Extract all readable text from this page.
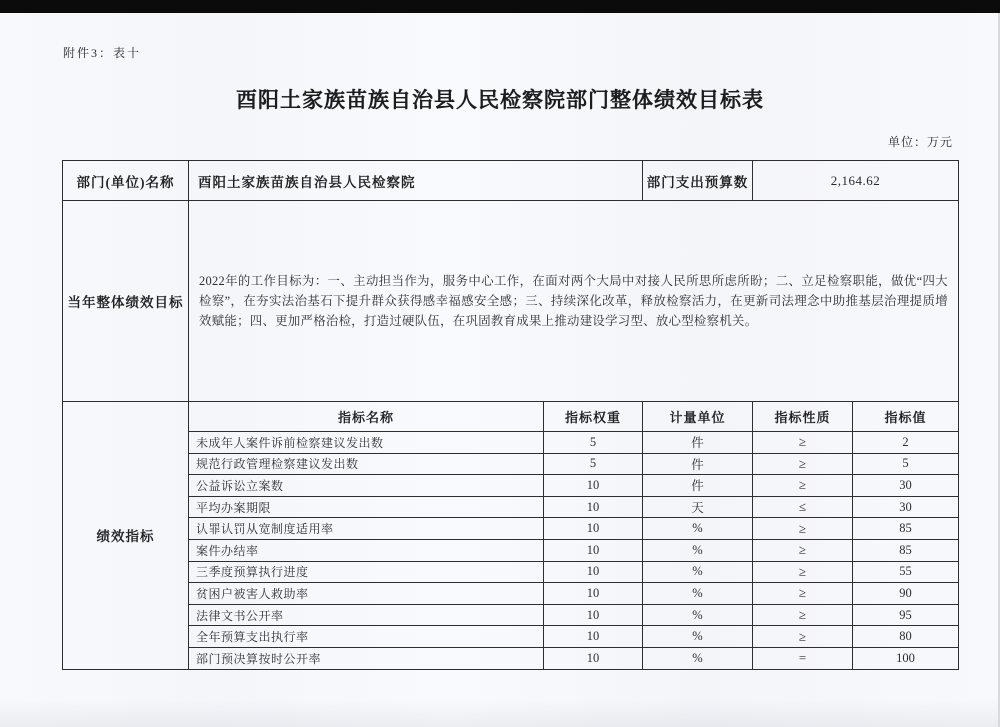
附件3：表十
酉阳土家族苗族自治县人民检察院部门整体绩效目标表
单位：万元
部门(单位)名称	酉阳土家族苗族自治县人民检察院		部门支出预算数	2,164.62	
当年整体绩效目标	2022年的工作目标为：一、主动担当作为，服务中心工作，在面对两个大局中对接人民所思所虑所盼；二、立足检察职能，做优“四大检察”，在夯实法治基石下提升群众获得感幸福感安全感；三、持续深化改革，释放检察活力，在更新司法理念中助推基层治理提质增效赋能；四、更加严格治检，打造过硬队伍，在巩固教育成果上推动建设学习型、放心型检察机关。				
绩效指标	指标名称	指标权重	计量单位	指标性质	指标值
	未成年人案件诉前检察建议发出数	5	件	≥	2
	规范行政管理检察建议发出数	5	件	≥	5
	公益诉讼立案数	10	件	≥	30
	平均办案期限	10	天	≤	30
	认罪认罚从宽制度适用率	10	%	≥	85
	案件办结率	10	%	≥	85
	三季度预算执行进度	10	%	≥	55
	贫困户被害人救助率	10	%	≥	90
	法律文书公开率	10	%	≥	95
	全年预算支出执行率	10	%	≥	80
	部门预决算按时公开率	10	%	=	100
